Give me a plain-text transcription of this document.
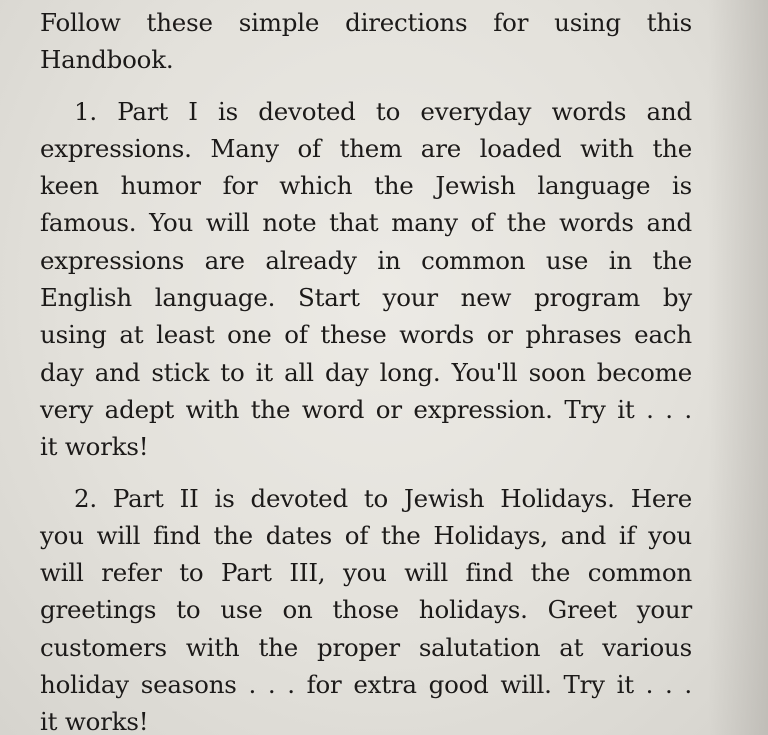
Follow these simple directions for using this
Handbook.
1. Part I is devoted to everyday words and
expressions. Many of them are loaded with the
keen humor for which the Jewish language is
famous. You will note that many of the words and
expressions are already in common use in the
English language. Start your new program by
using at least one of these words or phrases each
day and stick to it all day long. You'll soon become
very adept with the word or expression. Try it . . .
it works!
2. Part II is devoted to Jewish Holidays. Here
you will find the dates of the Holidays, and if you
will refer to Part III, you will find the common
greetings to use on those holidays. Greet your
customers with the proper salutation at various
holiday seasons . . . for extra good will. Try it . . .
it works!
